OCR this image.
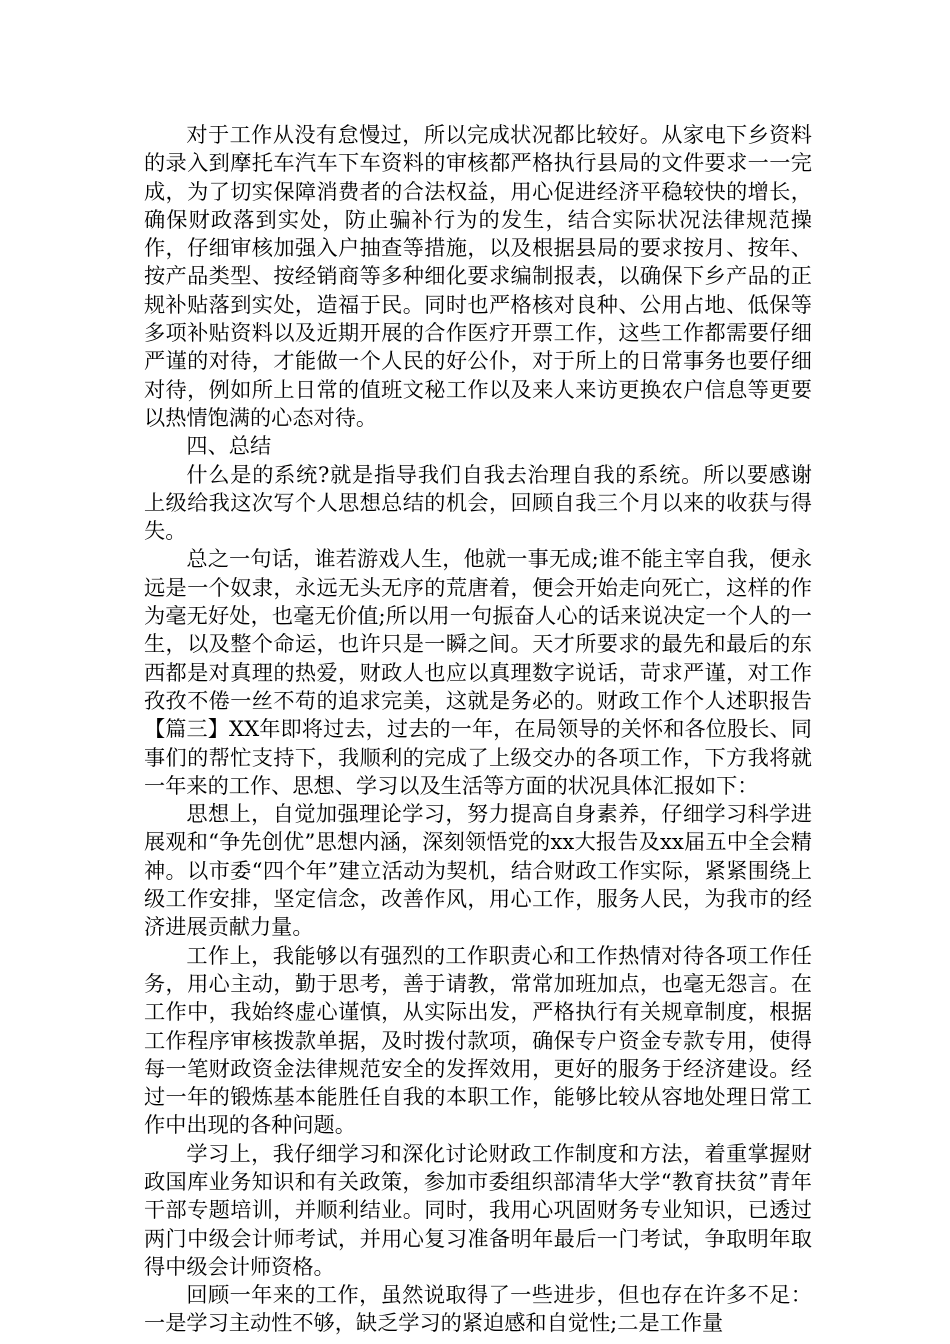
对于工作从没有怠慢过，所以完成状况都比较好。从家电下乡资料的录入到摩托车汽车下车资料的审核都严格执行县局的文件要求一一完成，为了切实保障消费者的合法权益，用心促进经济平稳较快的增长，确保财政落到实处，防止骗补行为的发生，结合实际状况法律规范操作，仔细审核加强入户抽查等措施，以及根据县局的要求按月、按年、按产品类型、按经销商等多种细化要求编制报表，以确保下乡产品的正规补贴落到实处，造福于民。同时也严格核对良种、公用占地、低保等多项补贴资料以及近期开展的合作医疗开票工作，这些工作都需要仔细严谨的对待，才能做一个人民的好公仆，对于所上的日常事务也要仔细对待，例如所上日常的值班文秘工作以及来人来访更换农户信息等更要以热情饱满的心态对待。

四、总结

什么是的系统?就是指导我们自我去治理自我的系统。所以要感谢上级给我这次写个人思想总结的机会，回顾自我三个月以来的收获与得失。

总之一句话，谁若游戏人生，他就一事无成;谁不能主宰自我，便永远是一个奴隶，永远无头无序的荒唐着，便会开始走向死亡，这样的作为毫无好处，也毫无价值;所以用一句振奋人心的话来说决定一个人的一生，以及整个命运，也许只是一瞬之间。天才所要求的最先和最后的东西都是对真理的热爱，财政人也应以真理数字说话，苛求严谨，对工作孜孜不倦一丝不苟的追求完美，这就是务必的。财政工作个人述职报告【篇三】XX年即将过去，过去的一年，在局领导的关怀和各位股长、同事们的帮忙支持下，我顺利的完成了上级交办的各项工作，下方我将就一年来的工作、思想、学习以及生活等方面的状况具体汇报如下：

思想上，自觉加强理论学习，努力提高自身素养，仔细学习科学进展观和“争先创优”思想内涵，深刻领悟党的xx大报告及xx届五中全会精神。以市委“四个年”建立活动为契机，结合财政工作实际，紧紧围绕上级工作安排，坚定信念，改善作风，用心工作，服务人民，为我市的经济进展贡献力量。

工作上，我能够以有强烈的工作职责心和工作热情对待各项工作任务，用心主动，勤于思考，善于请教，常常加班加点，也毫无怨言。在工作中，我始终虚心谨慎，从实际出发，严格执行有关规章制度，根据工作程序审核拨款单据，及时拨付款项，确保专户资金专款专用，使得每一笔财政资金法律规范安全的发挥效用，更好的服务于经济建设。经过一年的锻炼基本能胜任自我的本职工作，能够比较从容地处理日常工作中出现的各种问题。

学习上，我仔细学习和深化讨论财政工作制度和方法，着重掌握财政国库业务知识和有关政策，参加市委组织部清华大学“教育扶贫”青年干部专题培训，并顺利结业。同时，我用心巩固财务专业知识，已透过两门中级会计师考试，并用心复习准备明年最后一门考试，争取明年取得中级会计师资格。

回顾一年来的工作，虽然说取得了一些进步，但也存在许多不足：一是学习主动性不够，缺乏学习的紧迫感和自觉性;二是工作量
